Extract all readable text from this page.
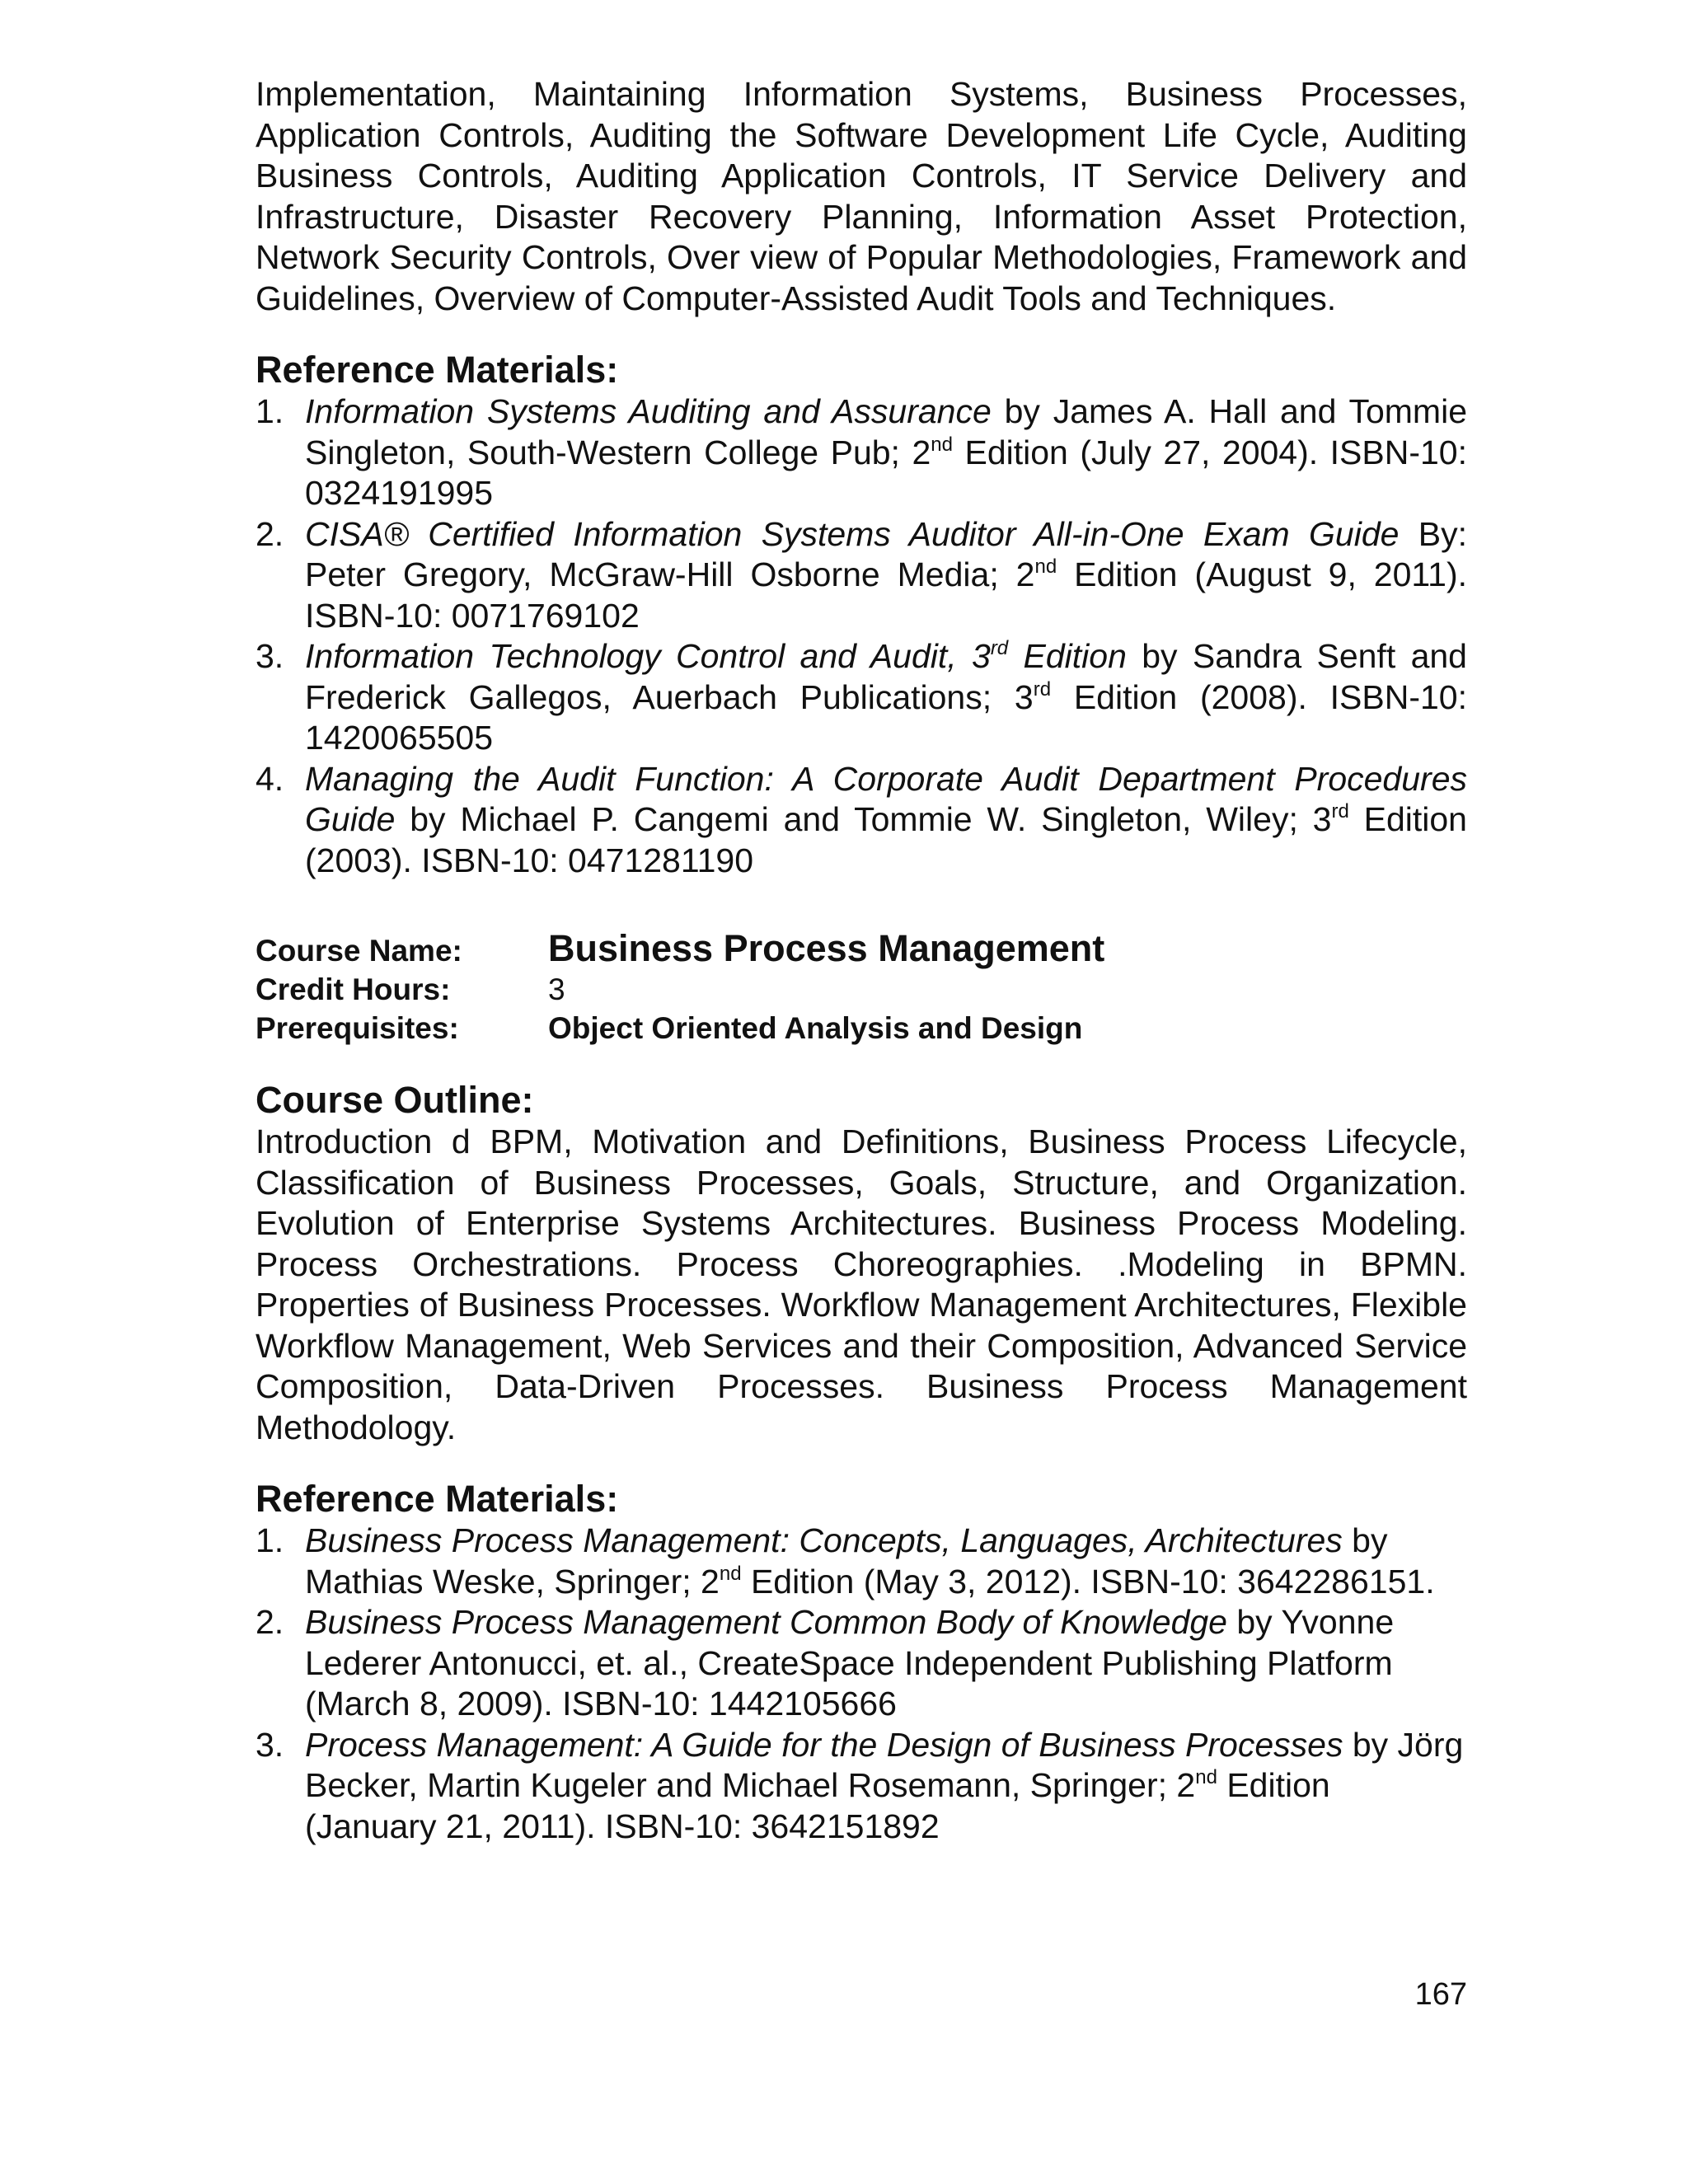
Implementation, Maintaining Information Systems, Business Processes, Application Controls, Auditing the Software Development Life Cycle, Auditing Business Controls, Auditing Application Controls, IT Service Delivery and Infrastructure, Disaster Recovery Planning, Information Asset Protection, Network Security Controls, Over view of Popular Methodologies, Framework and Guidelines, Overview of Computer-Assisted Audit Tools and Techniques.

Reference Materials:
1. Information Systems Auditing and Assurance by James A. Hall and Tommie Singleton, South-Western College Pub; 2nd Edition (July 27, 2004). ISBN-10: 0324191995
2. CISA® Certified Information Systems Auditor All-in-One Exam Guide By: Peter Gregory, McGraw-Hill Osborne Media; 2nd Edition (August 9, 2011). ISBN-10: 0071769102
3. Information Technology Control and Audit, 3rd Edition by Sandra Senft and Frederick Gallegos, Auerbach Publications; 3rd Edition (2008). ISBN-10: 1420065505
4. Managing the Audit Function: A Corporate Audit Department Procedures Guide by Michael P. Cangemi and Tommie W. Singleton, Wiley; 3rd Edition (2003). ISBN-10: 0471281190
Course Name:	Business Process Management
Credit Hours:	3
Prerequisites:	Object Oriented Analysis and Design
Course Outline:

Introduction d BPM, Motivation and Definitions, Business Process Lifecycle, Classification of Business Processes, Goals, Structure, and Organization. Evolution of Enterprise Systems Architectures. Business Process Modeling. Process Orchestrations. Process Choreographies. .Modeling in BPMN. Properties of Business Processes. Workflow Management Architectures, Flexible Workflow Management, Web Services and their Composition, Advanced Service Composition, Data-Driven Processes. Business Process Management Methodology.

Reference Materials:
1. Business Process Management: Concepts, Languages, Architectures by Mathias Weske, Springer; 2nd Edition (May 3, 2012). ISBN-10: 3642286151.
2. Business Process Management Common Body of Knowledge by Yvonne Lederer Antonucci, et. al., CreateSpace Independent Publishing Platform (March 8, 2009). ISBN-10: 1442105666
3. Process Management: A Guide for the Design of Business Processes by Jörg Becker, Martin Kugeler and Michael Rosemann, Springer; 2nd Edition (January 21, 2011). ISBN-10: 3642151892
167
